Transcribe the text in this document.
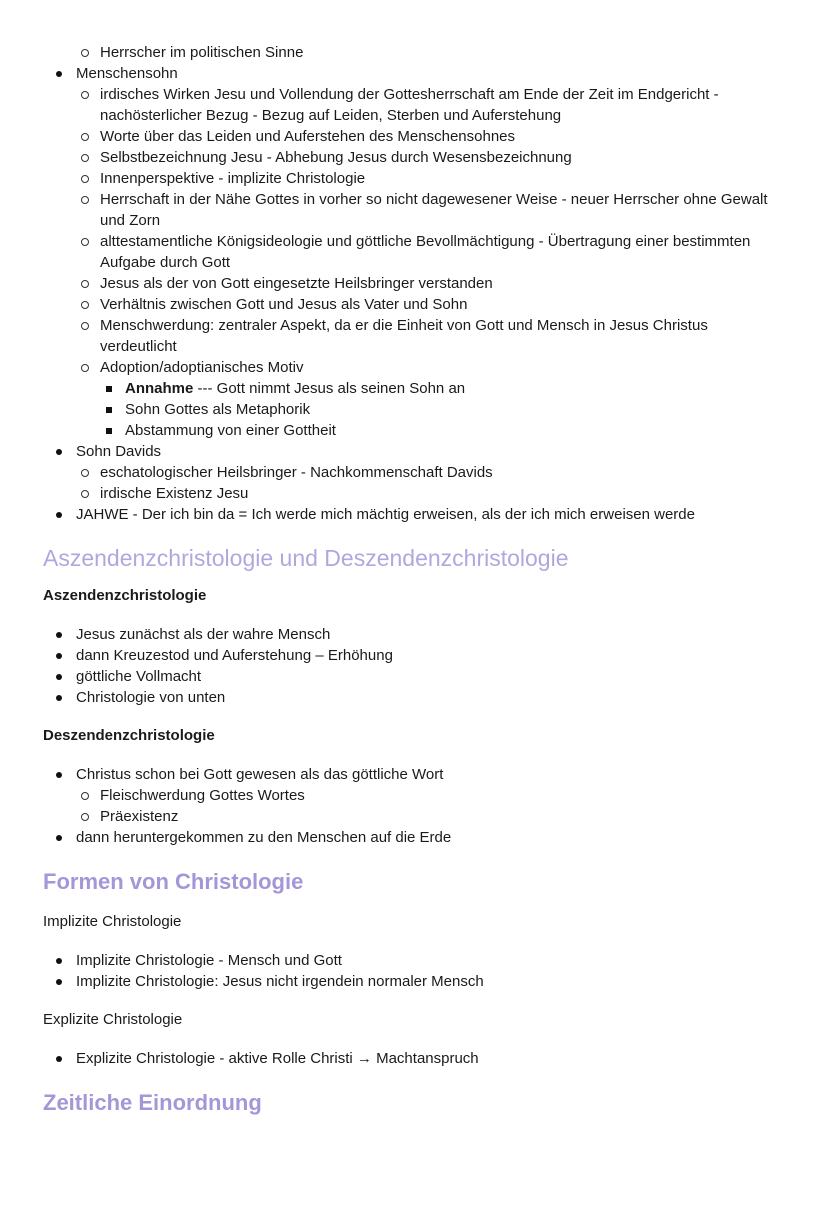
Herrscher im politischen Sinne
Menschensohn
irdisches Wirken Jesu und Vollendung der Gottesherrschaft am Ende der Zeit im Endgericht - nachösterlicher Bezug - Bezug auf Leiden, Sterben und Auferstehung
Worte über das Leiden und Auferstehen des Menschensohnes
Selbstbezeichnung Jesu - Abhebung Jesus durch Wesensbezeichnung
Innenperspektive - implizite Christologie
Herrschaft in der Nähe Gottes in vorher so nicht dagewesener Weise - neuer Herrscher ohne Gewalt und Zorn
alttestamentliche Königsideologie und göttliche Bevollmächtigung - Übertragung einer bestimmten Aufgabe durch Gott
Jesus als der von Gott eingesetzte Heilsbringer verstanden
Verhältnis zwischen Gott und Jesus als Vater und Sohn
Menschwerdung: zentraler Aspekt, da er die Einheit von Gott und Mensch in Jesus Christus verdeutlicht
Adoption/adoptianisches Motiv
Annahme --- Gott nimmt Jesus als seinen Sohn an
Sohn Gottes als Metaphorik
Abstammung von einer Gottheit
Sohn Davids
eschatologischer Heilsbringer - Nachkommenschaft Davids
irdische Existenz Jesu
JAHWE - Der ich bin da = Ich werde mich mächtig erweisen, als der ich mich erweisen werde
Aszendenzchristologie und Deszendenzchristologie
Aszendenzchristologie
Jesus zunächst als der wahre Mensch
dann Kreuzestod und Auferstehung – Erhöhung
göttliche Vollmacht
Christologie von unten
Deszendenzchristologie
Christus schon bei Gott gewesen als das göttliche Wort
Fleischwerdung Gottes Wortes
Präexistenz
dann heruntergekommen zu den Menschen auf die Erde
Formen von Christologie

Implizite Christologie

Implizite Christologie - Mensch und Gott
Implizite Christologie: Jesus nicht irgendein normaler Mensch

Explizite Christologie

Explizite Christologie - aktive Rolle Christi → Machtanspruch
Zeitliche Einordnung
